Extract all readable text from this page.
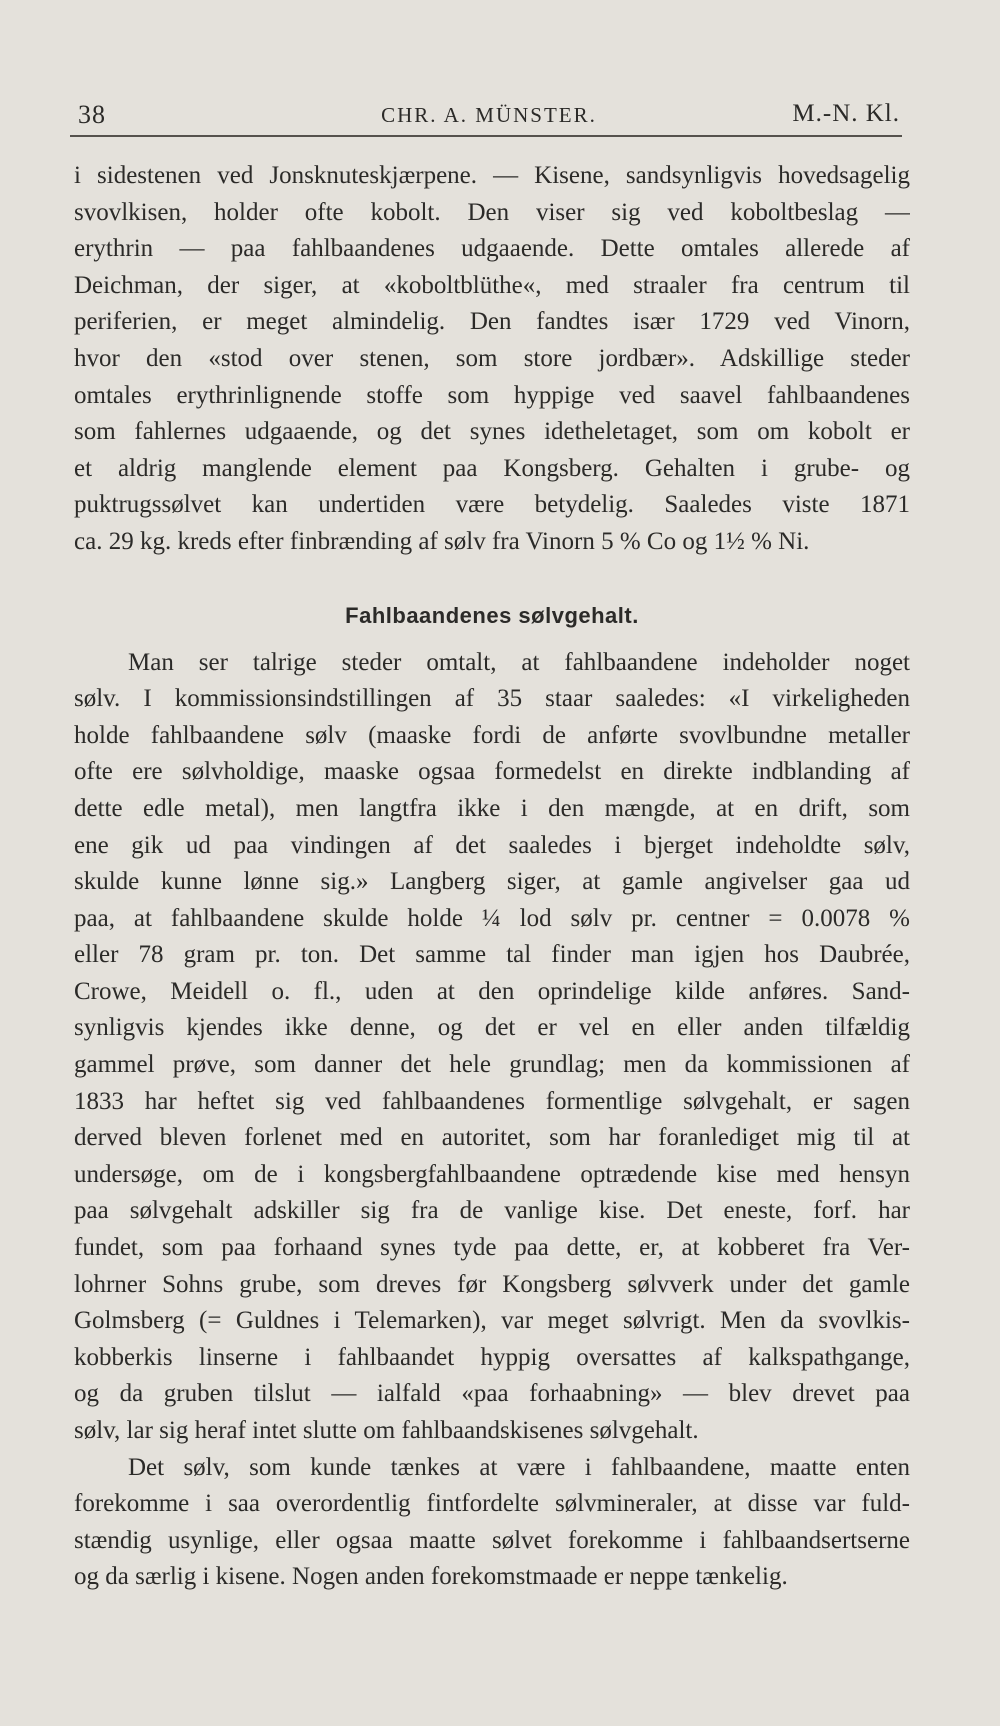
38	CHR. A. MÜNSTER.	M.-N. Kl.
i sidestenen ved Jonsknuteskjærpene. — Kisene, sandsynligvis hovedsagelig
svovlkisen, holder ofte kobolt. Den viser sig ved koboltbeslag —
erythrin — paa fahlbaandenes udgaaende. Dette omtales allerede af
Deichman, der siger, at «koboltblüthe«, med straaler fra centrum til
periferien, er meget almindelig. Den fandtes især 1729 ved Vinorn,
hvor den «stod over stenen, som store jordbær». Adskillige steder
omtales erythrinlignende stoffe som hyppige ved saavel fahlbaandenes
som fahlernes udgaaende, og det synes idetheletaget, som om kobolt er
et aldrig manglende element paa Kongsberg. Gehalten i grube- og
puktrugssølvet kan undertiden være betydelig. Saaledes viste 1871
ca. 29 kg. kreds efter finbrænding af sølv fra Vinorn 5 % Co og 1½ % Ni.
Fahlbaandenes sølvgehalt.
Man ser talrige steder omtalt, at fahlbaandene indeholder noget
sølv. I kommissionsindstillingen af 35 staar saaledes: «I virkeligheden
holde fahlbaandene sølv (maaske fordi de anførte svovlbundne metaller
ofte ere sølvholdige, maaske ogsaa formedelst en direkte indblanding af
dette edle metal), men langtfra ikke i den mængde, at en drift, som
ene gik ud paa vindingen af det saaledes i bjerget indeholdte sølv,
skulde kunne lønne sig.» Langberg siger, at gamle angivelser gaa ud
paa, at fahlbaandene skulde holde ¼ lod sølv pr. centner = 0.0078 %
eller 78 gram pr. ton. Det samme tal finder man igjen hos Daubrée,
Crowe, Meidell o. fl., uden at den oprindelige kilde anføres. Sand-
synligvis kjendes ikke denne, og det er vel en eller anden tilfældig
gammel prøve, som danner det hele grundlag; men da kommissionen af
1833 har heftet sig ved fahlbaandenes formentlige sølvgehalt, er sagen
derved bleven forlenet med en autoritet, som har foranlediget mig til at
undersøge, om de i kongsbergfahlbaandene optrædende kise med hensyn
paa sølvgehalt adskiller sig fra de vanlige kise. Det eneste, forf. har
fundet, som paa forhaand synes tyde paa dette, er, at kobberet fra Ver-
lohrner Sohns grube, som dreves før Kongsberg sølvverk under det gamle
Golmsberg (= Guldnes i Telemarken), var meget sølvrigt. Men da svovlkis-
kobberkis linserne i fahlbaandet hyppig oversattes af kalkspathgange,
og da gruben tilslut — ialfald «paa forhaabning» — blev drevet paa
sølv, lar sig heraf intet slutte om fahlbaandskisenes sølvgehalt.
Det sølv, som kunde tænkes at være i fahlbaandene, maatte enten
forekomme i saa overordentlig fintfordelte sølvmineraler, at disse var fuld-
stændig usynlige, eller ogsaa maatte sølvet forekomme i fahlbaandsertserne
og da særlig i kisene. Nogen anden forekomstmaade er neppe tænkelig.
